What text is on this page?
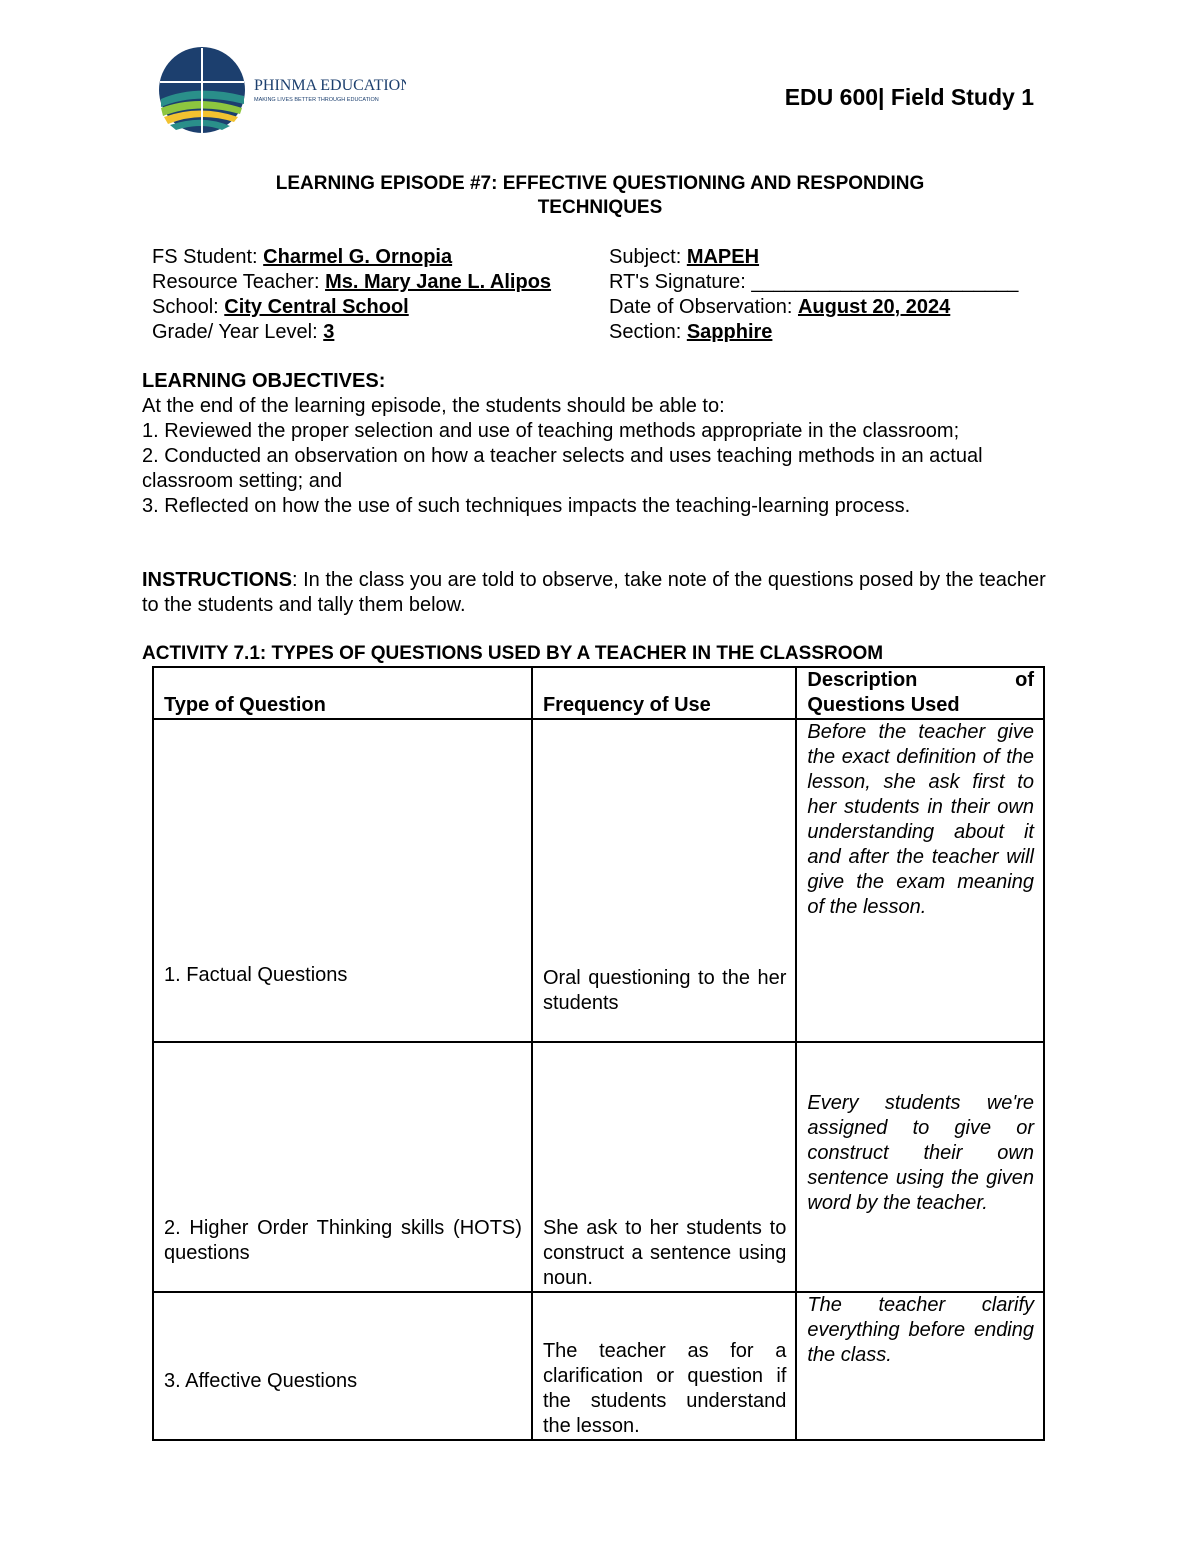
PHINMA EDUCATION
MAKING LIVES BETTER THROUGH EDUCATION	EDU 600| Field Study 1
LEARNING EPISODE #7: EFFECTIVE QUESTIONING AND RESPONDING
TECHNIQUES
FS Student: Charmel G. Ornopia
Resource Teacher: Ms. Mary Jane L. Alipos
School: City Central School
Grade/ Year Level: 3
Subject: MAPEH
RT's Signature: ________________________
Date of Observation: August 20, 2024
Section: Sapphire
LEARNING OBJECTIVES:
At the end of the learning episode, the students should be able to:
1. Reviewed the proper selection and use of teaching methods appropriate in the classroom;
2. Conducted an observation on how a teacher selects and uses teaching methods in an actual classroom setting; and
3. Reflected on how the use of such techniques impacts the teaching-learning process.
INSTRUCTIONS: In the class you are told to observe, take note of the questions posed by the teacher to the students and tally them below.
ACTIVITY 7.1: TYPES OF QUESTIONS USED BY A TEACHER IN THE CLASSROOM
Type of Question	Frequency of Use	Description of
Questions Used

1. Factual Questions	Oral questioning to the her students	Before the teacher give the exact definition of the lesson, she ask first to her students in their own understanding about it and after the teacher will give the exam meaning of the lesson.
2. Higher Order Thinking skills (HOTS) questions	She ask to her students to construct a sentence using noun.	Every students we're assigned to give or construct their own sentence using the given word by the teacher.
3. Affective Questions	The teacher as for a clarification or question if the students understand the lesson.	The teacher clarify everything before ending the class.
